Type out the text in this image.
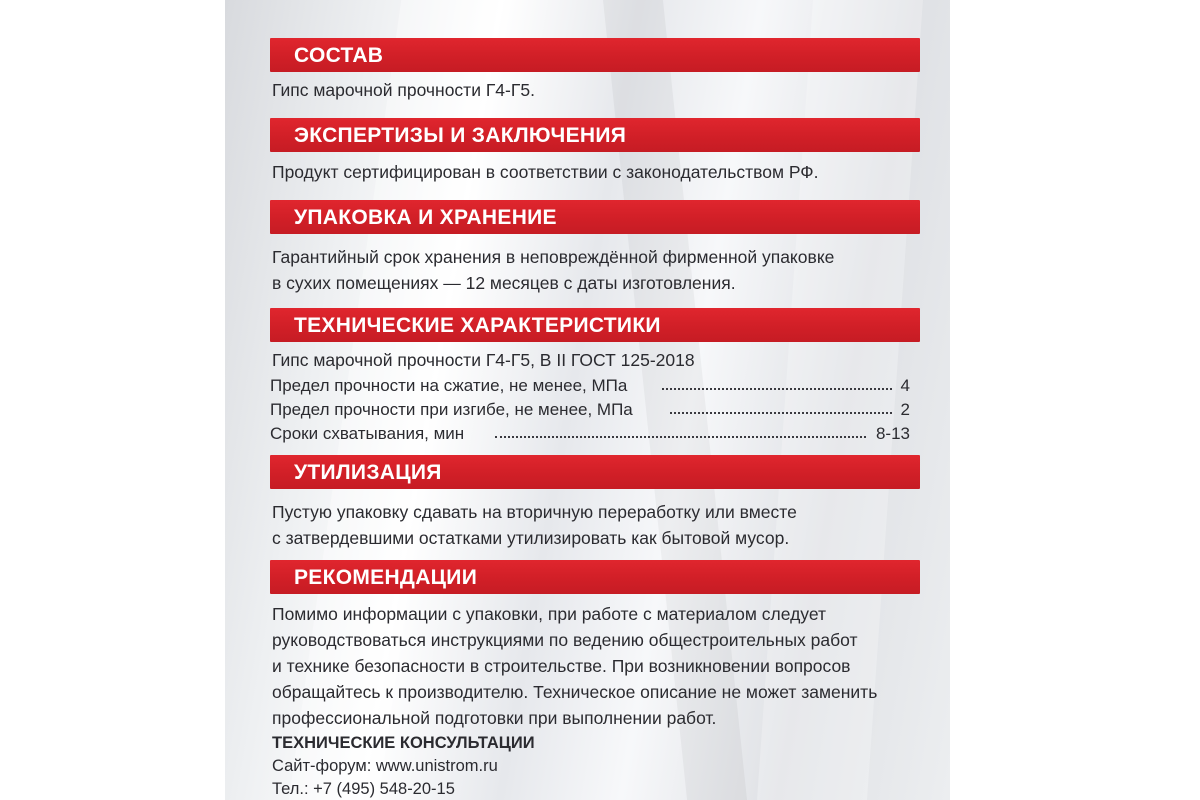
СОСТАВ
Гипс марочной прочности Г4-Г5.
ЭКСПЕРТИЗЫ И ЗАКЛЮЧЕНИЯ
Продукт сертифицирован в соответствии с законодательством РФ.
УПАКОВКА И ХРАНЕНИЕ
Гарантийный срок хранения в неповреждённой фирменной упаковке
в сухих помещениях — 12 месяцев с даты изготовления.
ТЕХНИЧЕСКИЕ ХАРАКТЕРИСТИКИ
Гипс марочной прочности Г4-Г5, В II ГОСТ 125-2018
Предел прочности на сжатие, не менее, МПа	4
Предел прочности при изгибе, не менее, МПа	2
Сроки схватывания, мин	8-13
УТИЛИЗАЦИЯ
Пустую упаковку сдавать на вторичную переработку или вместе
с затвердевшими остатками утилизировать как бытовой мусор.
РЕКОМЕНДАЦИИ
Помимо информации с упаковки, при работе с материалом следует
руководствоваться инструкциями по ведению общестроительных работ
и технике безопасности в строительстве. При возникновении вопросов
обращайтесь к производителю. Техническое описание не может заменить
профессиональной подготовки при выполнении работ.
ТЕХНИЧЕСКИЕ КОНСУЛЬТАЦИИ
Сайт-форум: www.unistrom.ru
Тел.: +7 (495) 548-20-15
